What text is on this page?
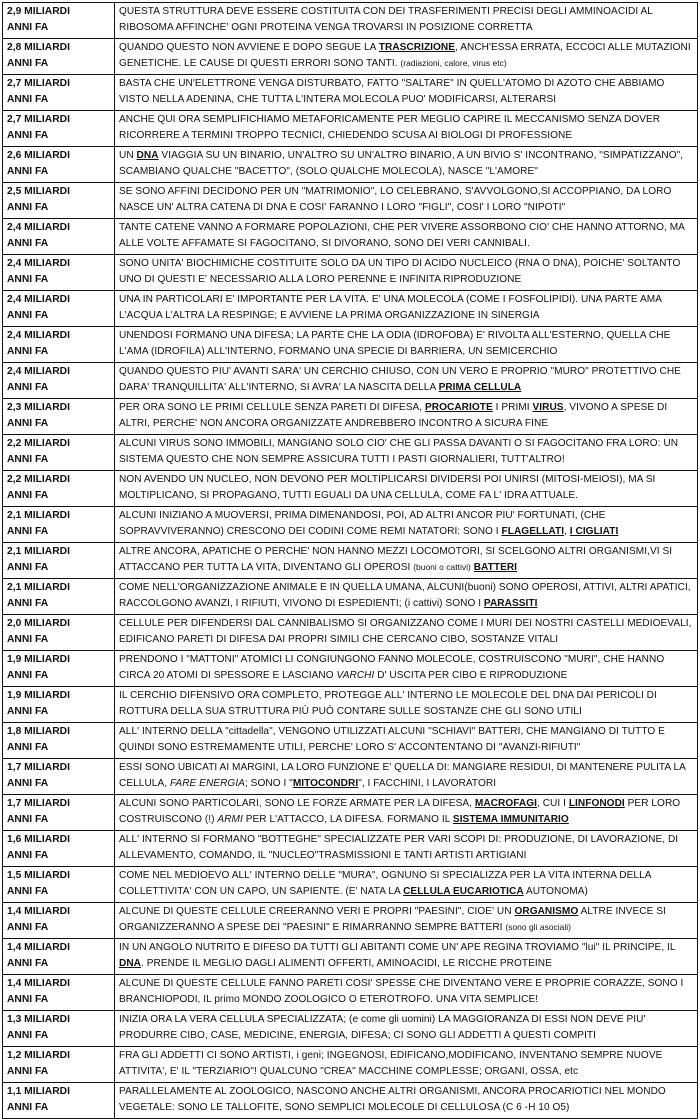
2,9 MILIARDI
ANNI FA	QUESTA STRUTTURA DEVE ESSERE COSTITUITA CON DEI TRASFERIMENTI PRECISI DEGLI AMMINOACIDI AL RIBOSOMA AFFINCHE' OGNI PROTEINA VENGA TROVARSI IN POSIZIONE CORRETTA

2,8 MILIARDI
ANNI FA	QUANDO QUESTO NON AVVIENE E DOPO SEGUE LA TRASCRIZIONE, ANCH'ESSA ERRATA, ECCOCI ALLE MUTAZIONI GENETICHE. LE CAUSE DI QUESTI ERRORI SONO TANTI. (radiazioni, calore, virus etc)

2,7 MILIARDI
ANNI FA	BASTA CHE UN'ELETTRONE VENGA DISTURBATO, FATTO "SALTARE" IN QUELL'ATOMO DI AZOTO CHE ABBIAMO VISTO NELLA ADENINA, CHE TUTTA L'INTERA MOLECOLA PUO' MODIFICARSI, ALTERARSI

2,7 MILIARDI
ANNI FA	ANCHE QUI ORA SEMPLIFICHIAMO METAFORICAMENTE PER MEGLIO CAPIRE IL MECCANISMO SENZA DOVER RICORRERE A TERMINI TROPPO TECNICI, CHIEDENDO SCUSA AI BIOLOGI DI PROFESSIONE

2,6 MILIARDI
ANNI FA	UN DNA VIAGGIA SU UN BINARIO, UN'ALTRO SU UN'ALTRO BINARIO, A UN BIVIO S' INCONTRANO, "SIMPATIZZANO", SCAMBIANO QUALCHE "BACETTO", (SOLO QUALCHE MOLECOLA), NASCE "L'AMORE"

2,5 MILIARDI
ANNI FA	SE SONO AFFINI DECIDONO PER UN "MATRIMONIO", LO CELEBRANO, S'AVVOLGONO,SI ACCOPPIANO, DA LORO NASCE UN' ALTRA CATENA DI DNA E COSI' FARANNO I LORO "FIGLI", COSI' I LORO "NIPOTI"

2,4 MILIARDI
ANNI FA	TANTE CATENE VANNO A FORMARE POPOLAZIONI, CHE PER VIVERE ASSORBONO CIO' CHE HANNO ATTORNO, MA ALLE VOLTE AFFAMATE SI FAGOCITANO, SI DIVORANO, SONO DEI VERI CANNIBALI.

2,4 MILIARDI
ANNI FA	SONO UNITA' BIOCHIMICHE COSTITUITE SOLO DA UN TIPO DI ACIDO NUCLEICO (RNA O DNA), POICHE' SOLTANTO UNO DI QUESTI E' NECESSARIO ALLA LORO PERENNE E INFINITA RIPRODUZIONE

2,4 MILIARDI
ANNI FA	UNA IN PARTICOLARI E' IMPORTANTE PER LA VITA. E' UNA MOLECOLA (COME I FOSFOLIPIDI). UNA PARTE AMA L'ACQUA L'ALTRA LA RESPINGE; E AVVIENE LA PRIMA ORGANIZZAZIONE IN SINERGIA

2,4 MILIARDI
ANNI FA	UNENDOSI FORMANO UNA DIFESA; LA PARTE CHE LA ODIA (IDROFOBA) E' RIVOLTA ALL'ESTERNO, QUELLA CHE L'AMA (IDROFILA) ALL'INTERNO, FORMANO UNA SPECIE DI BARRIERA, UN SEMICERCHIO

2,4 MILIARDI
ANNI FA	QUANDO QUESTO PIU' AVANTI SARA' UN CERCHIO CHIUSO, CON UN VERO E PROPRIO "MURO" PROTETTIVO CHE DARA' TRANQUILLITA' ALL'INTERNO, SI AVRA' LA NASCITA DELLA PRIMA CELLULA

2,3 MILIARDI
ANNI FA	PER ORA SONO LE PRIMI CELLULE SENZA PARETI DI DIFESA, PROCARIOTE I PRIMI VIRUS, VIVONO A SPESE DI ALTRI, PERCHE' NON ANCORA ORGANIZZATE ANDREBBERO INCONTRO A SICURA FINE

2,2 MILIARDI
ANNI FA	ALCUNI VIRUS SONO IMMOBILI, MANGIANO SOLO CIO' CHE GLI PASSA DAVANTI O SI FAGOCITANO FRA LORO: UN SISTEMA QUESTO CHE NON SEMPRE ASSICURA TUTTI I PASTI GIORNALIERI, TUTT'ALTRO!

2,2 MILIARDI
ANNI FA	NON AVENDO UN NUCLEO, NON DEVONO PER MOLTIPLICARSI DIVIDERSI POI UNIRSI (MITOSI-MEIOSI), MA SI MOLTIPLICANO, SI PROPAGANO, TUTTI EGUALI DA UNA CELLULA, COME FA L' IDRA ATTUALE.

2,1 MILIARDI
ANNI FA	ALCUNI INIZIANO A MUOVERSI, PRIMA DIMENANDOSI, POI, AD ALTRI ANCOR PIU' FORTUNATI, (CHE SOPRAVVIVERANNO) CRESCONO DEI CODINI COME REMI NATATORI: SONO I FLAGELLATI, I CIGLIATI

2,1 MILIARDI
ANNI FA	ALTRE ANCORA, APATICHE O PERCHE' NON HANNO MEZZI LOCOMOTORI, SI SCELGONO ALTRI ORGANISMI,VI SI ATTACCANO PER TUTTA LA VITA, DIVENTANO GLI OPEROSI (buoni o cattivi) BATTERI

2,1 MILIARDI
ANNI FA	COME NELL'ORGANIZZAZIONE ANIMALE E IN QUELLA UMANA, ALCUNI(buoni) SONO OPEROSI, ATTIVI, ALTRI APATICI, RACCOLGONO AVANZI, I RIFIUTI, VIVONO DI ESPEDIENTI; (i cattivi) SONO I PARASSITI

2,0 MILIARDI
ANNI FA	CELLULE PER DIFENDERSI DAL CANNIBALISMO SI ORGANIZZANO COME I MURI DEI NOSTRI CASTELLI MEDIOEVALI, EDIFICANO PARETI DI DIFESA DAI PROPRI SIMILI CHE CERCANO CIBO, SOSTANZE VITALI

1,9 MILIARDI
ANNI FA	PRENDONO I "MATTONI" ATOMICI LI CONGIUNGONO FANNO MOLECOLE, COSTRUISCONO "MURI", CHE HANNO CIRCA 20 ATOMI DI SPESSORE E LASCIANO VARCHI D' USCITA PER CIBO E RIPRODUZIONE

1,9 MILIARDI
ANNI FA	IL CERCHIO DIFENSIVO ORA COMPLETO, PROTEGGE ALL' INTERNO LE MOLECOLE DEL DNA DAI PERICOLI DI ROTTURA DELLA SUA STRUTTURA PIÙ PUÓ CONTARE SULLE SOSTANZE CHE GLI SONO UTILI

1,8 MILIARDI
ANNI FA	ALL' INTERNO DELLA "cittadella", VENGONO UTILIZZATI ALCUNI "SCHIAVI" BATTERI, CHE MANGIANO DI TUTTO E QUINDI SONO ESTREMAMENTE UTILI, PERCHE' LORO S' ACCONTENTANO DI "AVANZI-RIFIUTI"

1,7 MILIARDI
ANNI FA	ESSI SONO UBICATI AI MARGINI, LA LORO FUNZIONE E' QUELLA DI: MANGIARE RESIDUI, DI MANTENERE PULITA LA CELLULA, FARE ENERGIA; SONO I "MITOCONDRI", I FACCHINI, I LAVORATORI

1,7 MILIARDI
ANNI FA	ALCUNI SONO PARTICOLARI, SONO LE FORZE ARMATE PER LA DIFESA, MACROFAGI, CUI I LINFONODI PER LORO COSTRUISCONO (!) ARMI PER L'ATTACCO, LA DIFESA. FORMANO IL SISTEMA IMMUNITARIO

1,6 MILIARDI
ANNI FA	ALL' INTERNO SI FORMANO "BOTTEGHE" SPECIALIZZATE PER VARI SCOPI DI: PRODUZIONE, DI LAVORAZIONE, DI ALLEVAMENTO, COMANDO, IL "NUCLEO"TRASMISSIONI E TANTI ARTISTI ARTIGIANI

1,5 MILIARDI
ANNI FA	COME NEL MEDIOEVO ALL' INTERNO DELLE "MURA", OGNUNO SI SPECIALIZZA PER LA VITA INTERNA DELLA COLLETTIVITA' CON UN CAPO, UN SAPIENTE. (E' NATA LA CELLULA EUCARIOTICA AUTONOMA)

1,4 MILIARDI
ANNI FA	ALCUNE DI QUESTE CELLULE CREERANNO VERI E PROPRI "PAESINI", CIOE' UN ORGANISMO ALTRE INVECE SI ORGANIZZERANNO A SPESE DEI "PAESINI" E RIMARRANNO SEMPRE BATTERI (sono gli asociali)

1,4 MILIARDI
ANNI FA	IN UN ANGOLO NUTRITO E DIFESO DA TUTTI GLI ABITANTI COME UN' APE REGINA TROVIAMO "lui" IL PRINCIPE, IL DNA. PRENDE IL MEGLIO DAGLI ALIMENTI OFFERTI, AMINOACIDI, LE RICCHE PROTEINE

1,4 MILIARDI
ANNI FA	ALCUNE DI QUESTE CELLULE FANNO PARETI COSI' SPESSE CHE DIVENTANO VERE E PROPRIE CORAZZE, SONO I BRANCHIOPODI, IL primo MONDO ZOOLOGICO O ETEROTROFO. UNA VITA SEMPLICE!

1,3 MILIARDI
ANNI FA	INIZIA ORA LA VERA CELLULA SPECIALIZZATA; (e come gli uomini) LA MAGGIORANZA DI ESSI NON DEVE PIU' PRODURRE CIBO, CASE, MEDICINE, ENERGIA, DIFESA; CI SONO GLI ADDETTI A QUESTI COMPITI

1,2 MILIARDI
ANNI FA	FRA GLI ADDETTI CI SONO ARTISTI, i geni; INGEGNOSI, EDIFICANO,MODIFICANO, INVENTANO SEMPRE NUOVE ATTIVITA', E' IL "TERZIARIO"! QUALCUNO "CREA" MACCHINE COMPLESSE; ORGANI, OSSA, etc

1,1 MILIARDI
ANNI FA	PARALLELAMENTE AL ZOOLOGICO, NASCONO ANCHE ALTRI ORGANISMI, ANCORA PROCARIOTICI NEL MONDO VEGETALE: SONO LE TALLOFITE, SONO SEMPLICI MOLECOLE DI CELLULOSA (C 6 -H 10 O5)
